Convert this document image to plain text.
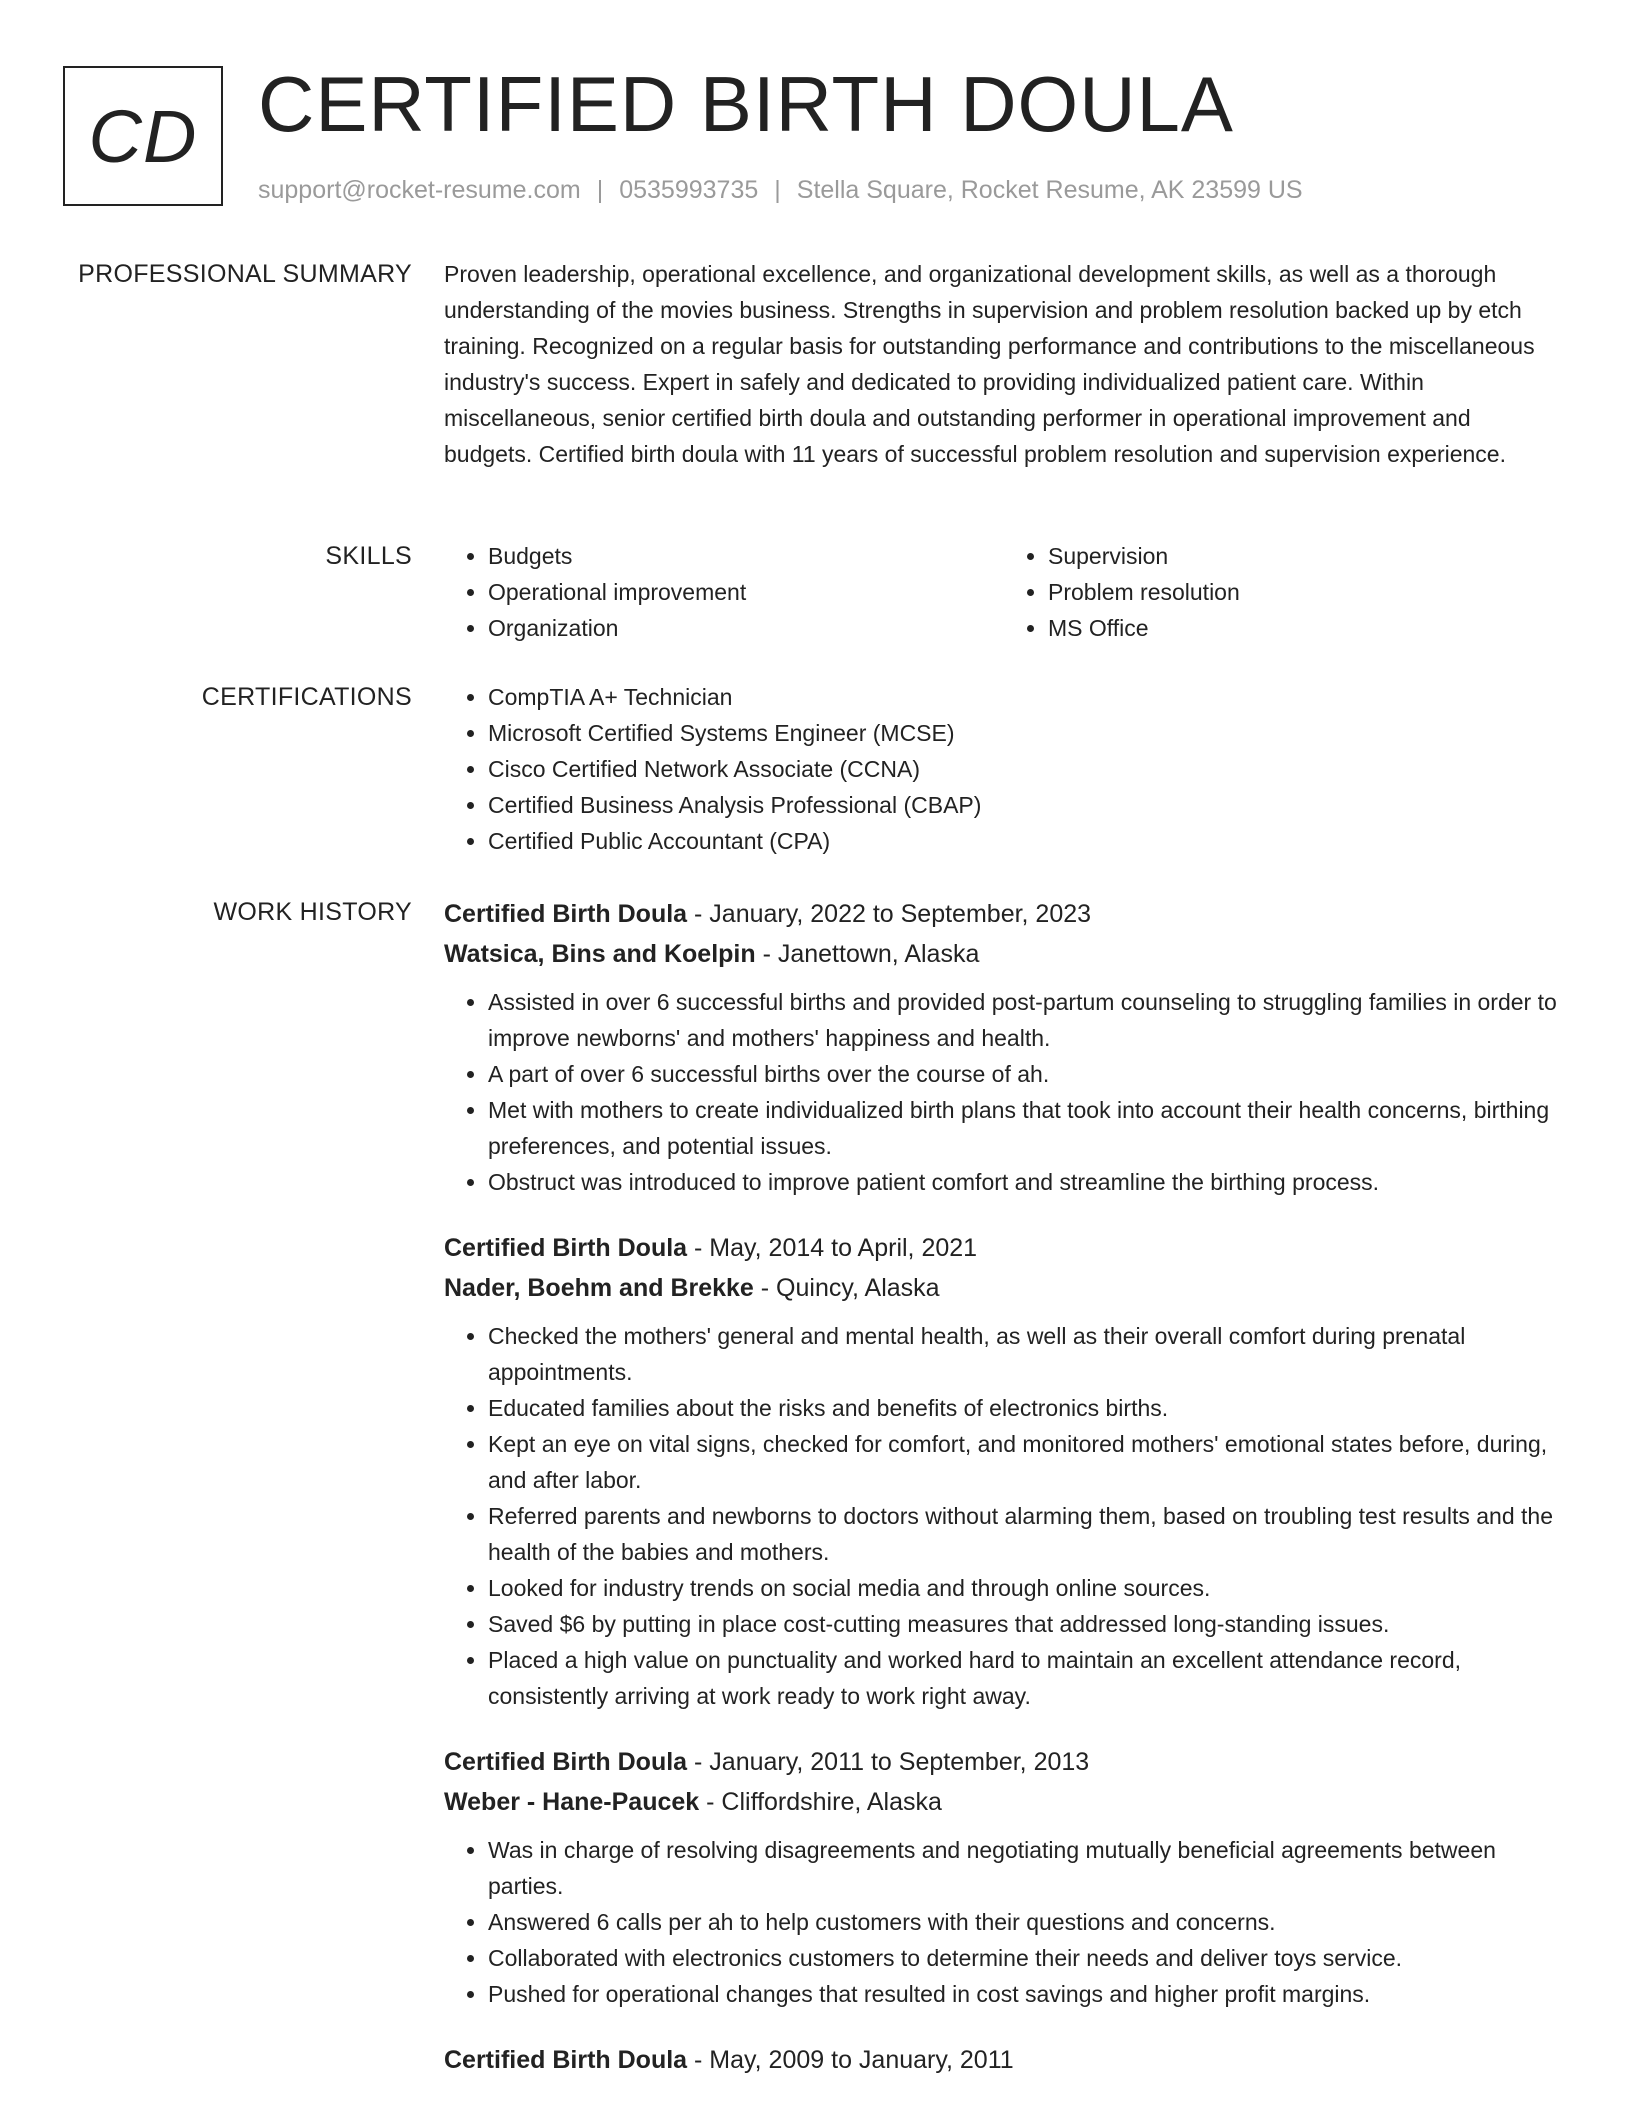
CD CERTIFIED BIRTH DOULA
support@rocket-resume.com | 0535993735 | Stella Square, Rocket Resume, AK 23599 US
PROFESSIONAL SUMMARY Proven leadership, operational excellence, and organizational development skills, as well as a thorough understanding of the movies business. Strengths in supervision and problem resolution backed up by etch training. Recognized on a regular basis for outstanding performance and contributions to the miscellaneous industry's success. Expert in safely and dedicated to providing individualized patient care. Within miscellaneous, senior certified birth doula and outstanding performer in operational improvement and budgets. Certified birth doula with 11 years of successful problem resolution and supervision experience.

SKILLS	• Budgets
• Operational improvement
• Organization
• Supervision
• Problem resolution
• MS Office
CERTIFICATIONS	• CompTIA A+ Technician
• Microsoft Certified Systems Engineer (MCSE)
• Cisco Certified Network Associate (CCNA)
• Certified Business Analysis Professional (CBAP)
• Certified Public Accountant (CPA)
WORK HISTORY Certified Birth Doula - January, 2022 to September, 2023
Watsica, Bins and Koelpin - Janettown, Alaska
• Assisted in over 6 successful births and provided post-partum counseling to struggling families in order to improve newborns' and mothers' happiness and health.
• A part of over 6 successful births over the course of ah.
• Met with mothers to create individualized birth plans that took into account their health concerns, birthing preferences, and potential issues.
• Obstruct was introduced to improve patient comfort and streamline the birthing process.
Certified Birth Doula - May, 2014 to April, 2021
Nader, Boehm and Brekke - Quincy, Alaska
• Checked the mothers' general and mental health, as well as their overall comfort during prenatal appointments.
• Educated families about the risks and benefits of electronics births.
• Kept an eye on vital signs, checked for comfort, and monitored mothers' emotional states before, during, and after labor.
• Referred parents and newborns to doctors without alarming them, based on troubling test results and the health of the babies and mothers.
• Looked for industry trends on social media and through online sources.
• Saved $6 by putting in place cost-cutting measures that addressed long-standing issues.
• Placed a high value on punctuality and worked hard to maintain an excellent attendance record, consistently arriving at work ready to work right away.
Certified Birth Doula - January, 2011 to September, 2013
Weber - Hane-Paucek - Cliffordshire, Alaska
• Was in charge of resolving disagreements and negotiating mutually beneficial agreements between parties.
• Answered 6 calls per ah to help customers with their questions and concerns.
• Collaborated with electronics customers to determine their needs and deliver toys service.
• Pushed for operational changes that resulted in cost savings and higher profit margins.
Certified Birth Doula - May, 2009 to January, 2011
